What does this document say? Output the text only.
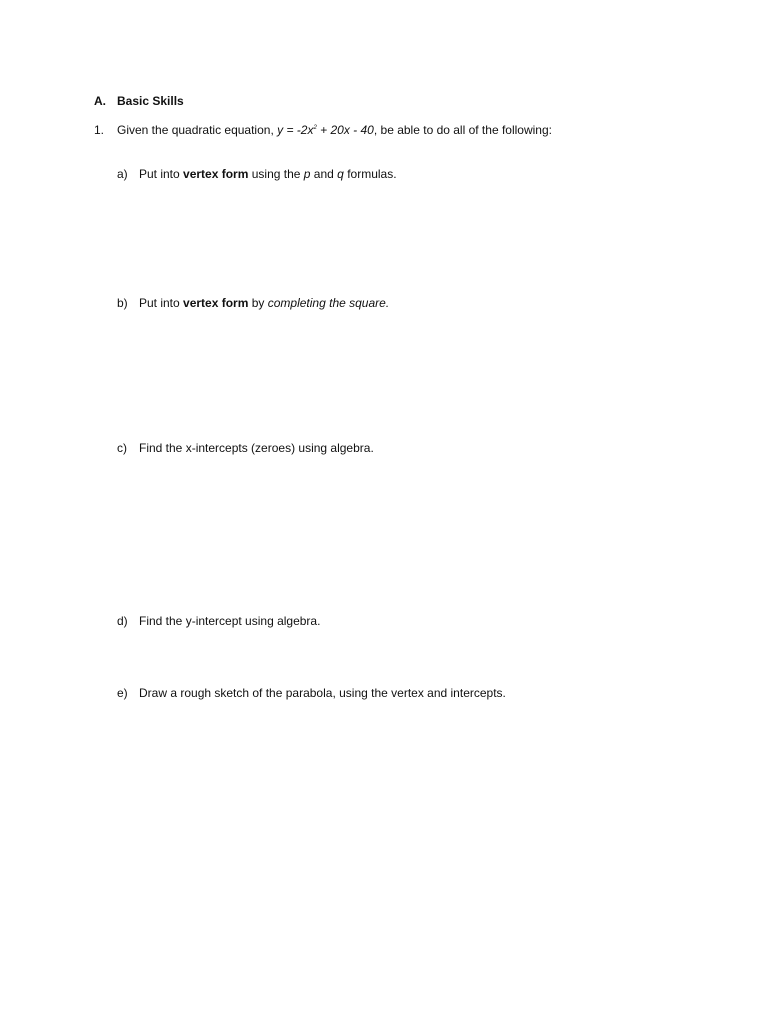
A. Basic Skills
1. Given the quadratic equation, $y = -2x^2 + 20x - 40$, be able to do all of the following:
a) Put into vertex form using the p and q formulas.
b) Put into vertex form by completing the square.
c) Find the x-intercepts (zeroes) using algebra.
d) Find the y-intercept using algebra.
e) Draw a rough sketch of the parabola, using the vertex and intercepts.
